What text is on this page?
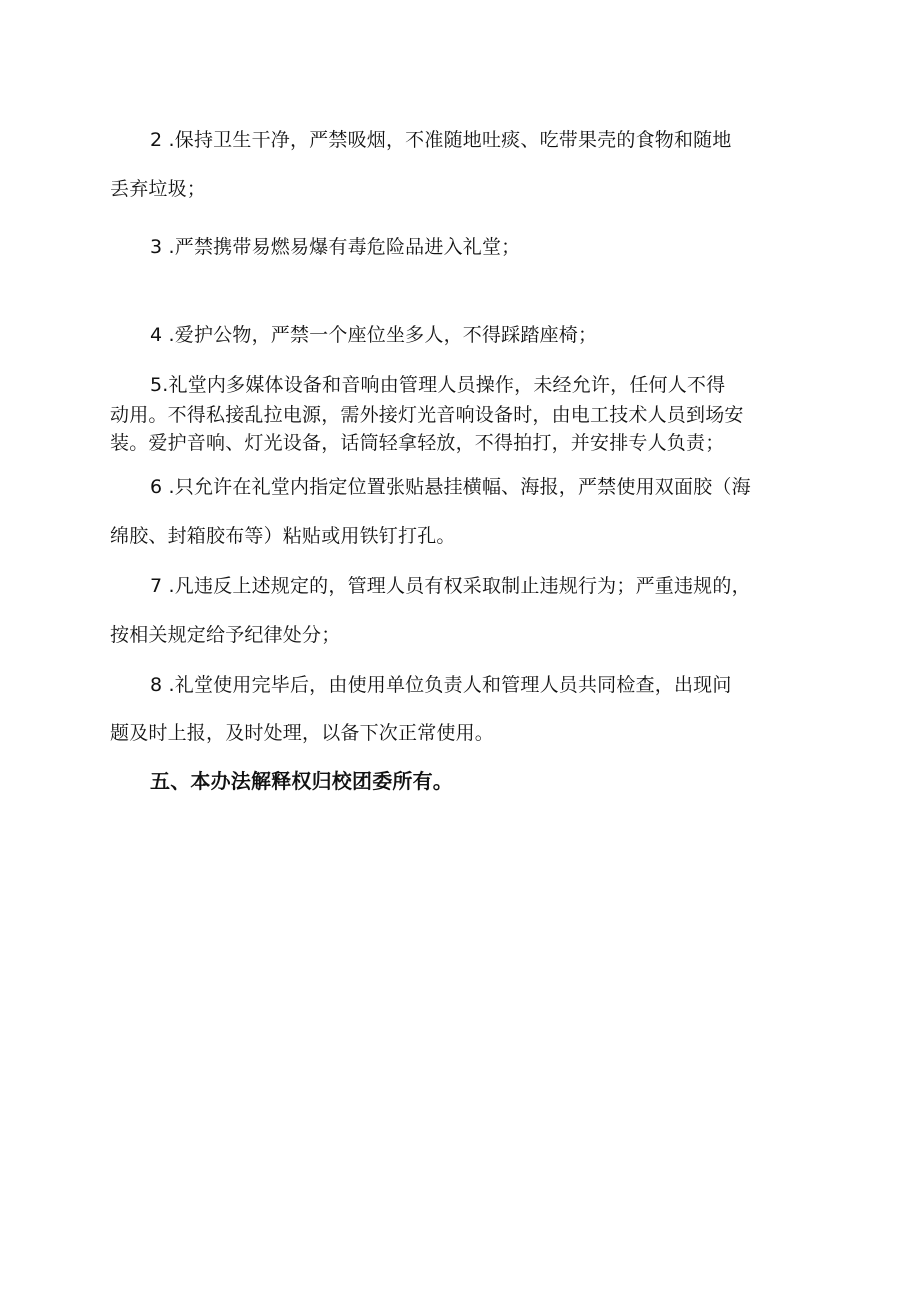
2 .保持卫生干净，严禁吸烟，不准随地吐痰、吃带果壳的食物和随地
丢弃垃圾；
3 .严禁携带易燃易爆有毒危险品进入礼堂；
4 .爱护公物，严禁一个座位坐多人，不得踩踏座椅；
5.礼堂内多媒体设备和音响由管理人员操作，未经允许，任何人不得
动用。不得私接乱拉电源，需外接灯光音响设备时，由电工技术人员到场安
装。爱护音响、灯光设备，话筒轻拿轻放，不得拍打，并安排专人负责；
6 .只允许在礼堂内指定位置张贴悬挂横幅、海报，严禁使用双面胶（海
绵胶、封箱胶布等）粘贴或用铁钉打孔。
7 .凡违反上述规定的，管理人员有权采取制止违规行为；严重违规的，
按相关规定给予纪律处分；
8 .礼堂使用完毕后，由使用单位负责人和管理人员共同检查，出现问
题及时上报，及时处理，以备下次正常使用。
五、本办法解释权归校团委所有。
